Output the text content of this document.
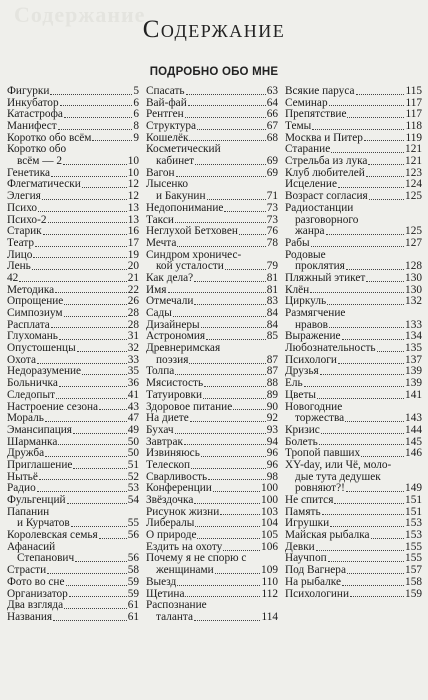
Содержание
Содержание
ПОДРОБНО ОБО МНЕ
Фигурки	5
Инкубатор	6
Катастрофа	6
Манифест	8
Коротко обо всём	9
Коротко обо
всём — 2	10
Генетика	10
Флегматически	12
Элегия	12
Психо	13
Психо-2	13
Старик	16
Театр	17
Лицо	19
Лень	20
42	21
Методика	22
Опрощение	26
Симпозиум	28
Расплата	28
Глухомань	31
Опустошенцы	32
Охота	33
Недоразумение	35
Больничка	36
Следопыт	41
Настроение сезона	43
Мораль	47
Эмансипация	49
Шарманка	50
Дружба	50
Приглашение	51
Нытьё	52
Радио	53
Фульгенций	54
Папанин
и Курчатов	55
Королевская семья	56
Афанасий
Степанович	56
Страсти	58
Фото во сне	59
Организатор	59
Два взгляда	61
Названия	61
Спасать	63
Вай-фай	64
Рентген	66
Структура	67
Кошелёк	68
Косметический
кабинет	69
Вагон	69
Лысенко
и Бакунин	71
Недопонимание	73
Такси	73
Неглухой Бетховен	76
Мечта	78
Синдром хроничес-
кой усталости	79
Как дела?	81
Имя	81
Отмечали	83
Сады	84
Дизайнеры	84
Астрономия	85
Древнеримская
поэзия	87
Толпа	87
Мясистость	88
Татуировки	89
Здоровое питание	90
На диете	92
Бухач	93
Завтрак	94
Извиняюсь	96
Телескоп	96
Сварливость	98
Конференции	100
Звёздочка	100
Рисунок жизни	103
Либералы	104
О природе	105
Ездить на охоту	106
Почему я не спорю с
женщинами	109
Выезд	110
Щетина	112
Распознание
таланта	114
Всякие паруса	115
Семинар	117
Препятствие	117
Темы	118
Москва и Питер	119
Старание	121
Стрельба из лука	121
Клуб любителей	123
Исцеление	124
Возраст согласия	125
Радиостанции
разговорного
жанра	125
Рабы	127
Родовые
проклятия	128
Пляжный этикет	130
Клён	130
Циркуль	132
Размягчение
нравов	133
Выражение	134
Любознательность	135
Психологи	137
Друзья	139
Ель	139
Цветы	141
Новогодние
торжества	143
Кризис	144
Болеть	145
Тропой павших	146
XY-day, или Чё, моло-
дые тута дедушек
ровняют?!	149
Не спится	151
Память	151
Игрушки	153
Майская рыбалка	153
Девки	155
Научпоп	155
Под Вагнера	157
На рыбалке	158
Психологини	159
